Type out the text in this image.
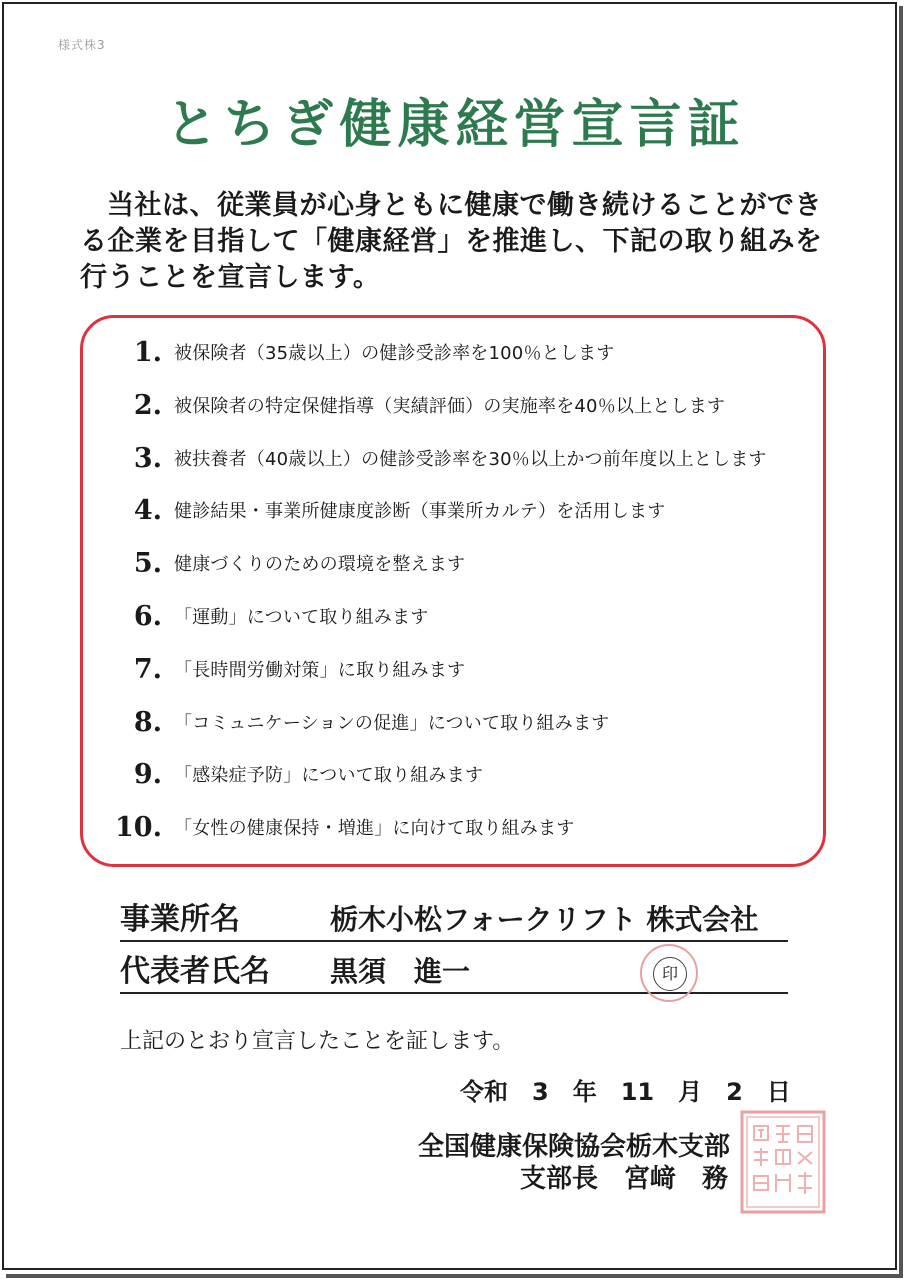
様式株3
とちぎ健康経営宣言証
当社は、従業員が心身ともに健康で働き続けることができ
る企業を目指して「健康経営」を推進し、下記の取り組みを
行うことを宣言します。
1. 被保険者（35歳以上）の健診受診率を100％とします
2. 被保険者の特定保健指導（実績評価）の実施率を40％以上とします
3. 被扶養者（40歳以上）の健診受診率を30％以上かつ前年度以上とします
4. 健診結果・事業所健康度診断（事業所カルテ）を活用します
5. 健康づくりのための環境を整えます
6. 「運動」について取り組みます
7. 「長時間労働対策」に取り組みます
8. 「コミュニケーションの促進」について取り組みます
9. 「感染症予防」について取り組みます
10. 「女性の健康保持・増進」に向けて取り組みます
事業所名	栃木小松フォークリフト 株式会社
代表者氏名	黒須　進一	印
上記のとおり宣言したことを証します。
令和　3　年　11　月　2　日
全国健康保険協会栃木支部
支部長　宮﨑　務
